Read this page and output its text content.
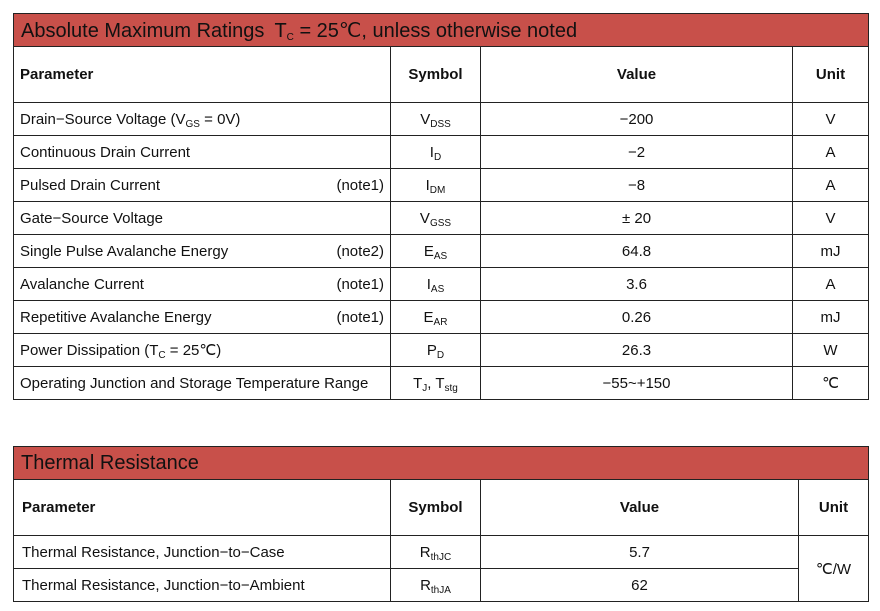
Absolute Maximum Ratings $T_C$ = 25℃, unless otherwise noted			
Parameter	Symbol	Value	Unit

Drain−Source Voltage $(V_{GS} = 0V)$	$V_{DSS}$	−200	V

Continuous Drain Current	$I_D$	−2	A

Pulsed Drain Current (note1)	$I_{DM}$	−8	A

Gate−Source Voltage	$V_{GSS}$	± 20	V

Single Pulse Avalanche Energy (note2)	$E_{AS}$	64.8	mJ

Avalanche Current (note1)	$I_{AS}$	3.6	A

Repetitive Avalanche Energy (note1)	$E_{AR}$	0.26	mJ

Power Dissipation ($T_C$ = 25℃)	$P_D$	26.3	W

Operating Junction and Storage Temperature Range	$T_J$, $T_{stg}$	−55~+150	℃
Thermal Resistance			
Parameter	Symbol	Value	Unit
Thermal Resistance, Junction−to−Case	$R_{thJC}$	5.7	℃/W
Thermal Resistance, Junction−to−Ambient	$R_{thJA}$	62	
